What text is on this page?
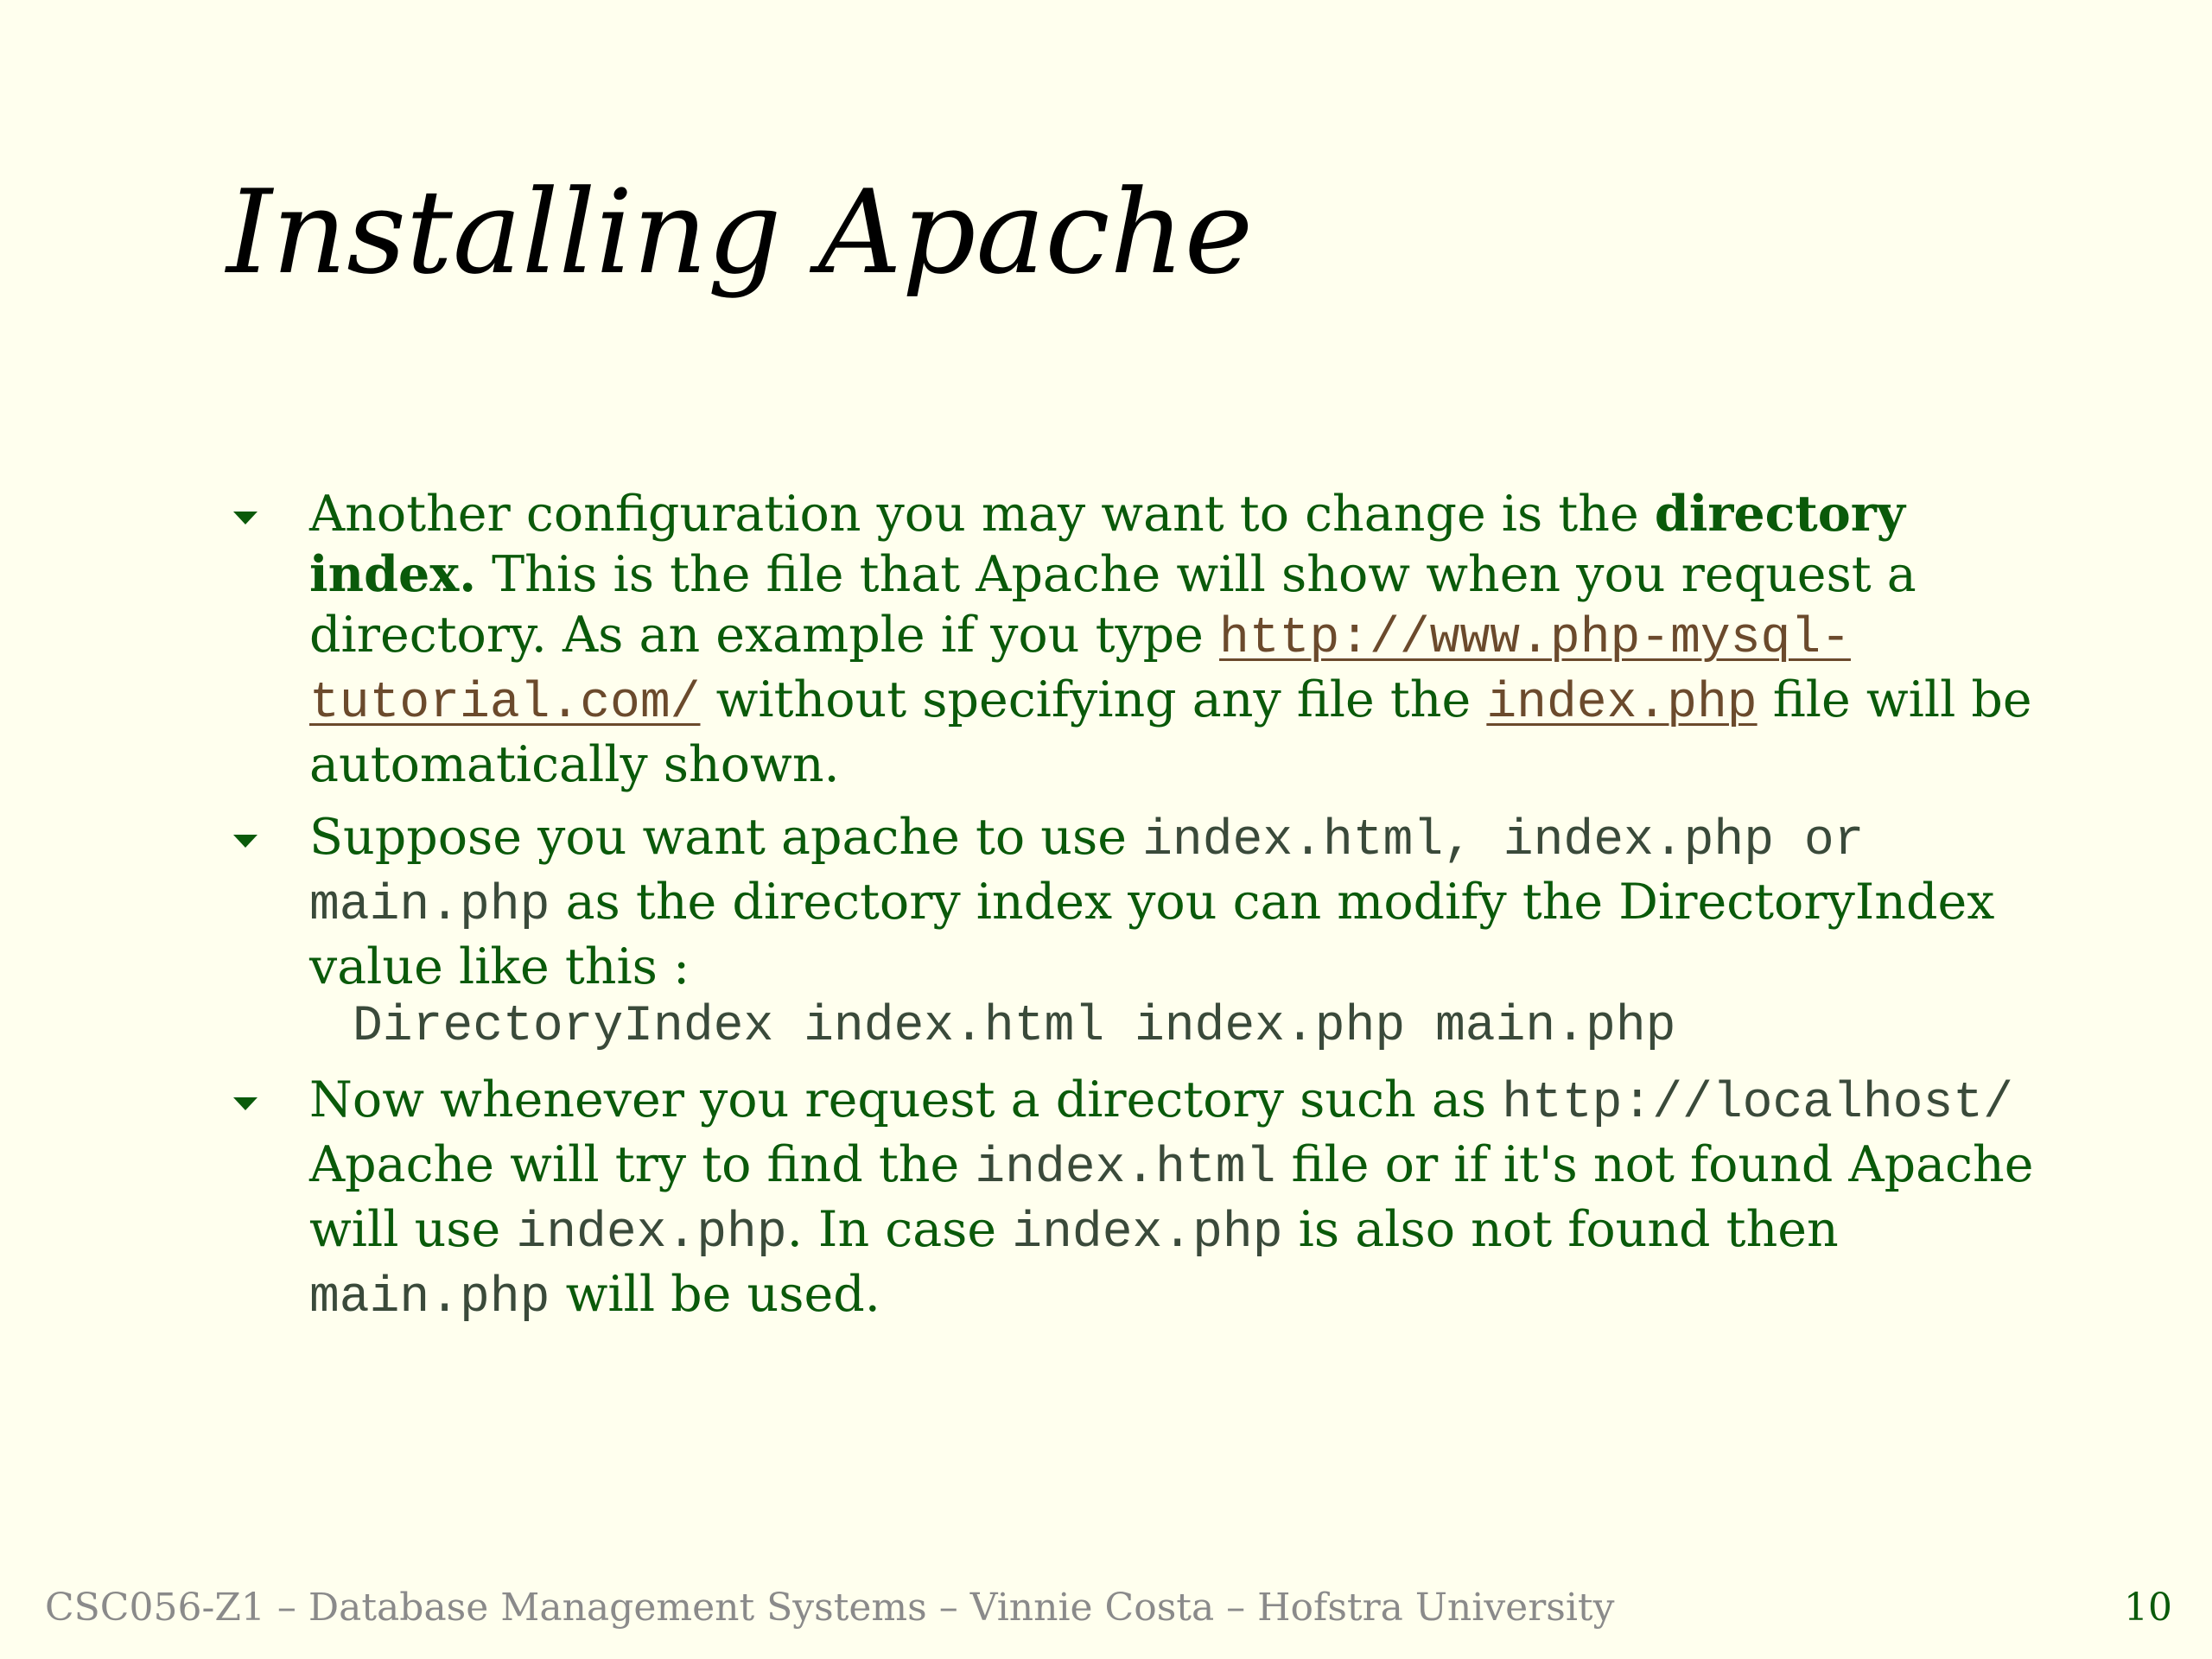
Installing Apache
Another configuration you may want to change is the directory index. This is the file that Apache will show when you request a directory. As an example if you type http://www.php-mysql-tutorial.com/ without specifying any file the index.php file will be automatically shown.
Suppose you want apache to use index.html, index.php or main.php as the directory index you can modify the DirectoryIndex value like this :
DirectoryIndex index.html index.php main.php
Now whenever you request a directory such as http://localhost/ Apache will try to find the index.html file or if it's not found Apache will use index.php. In case index.php is also not found then main.php will be used.
CSC056-Z1 – Database Management Systems – Vinnie Costa – Hofstra University	10
